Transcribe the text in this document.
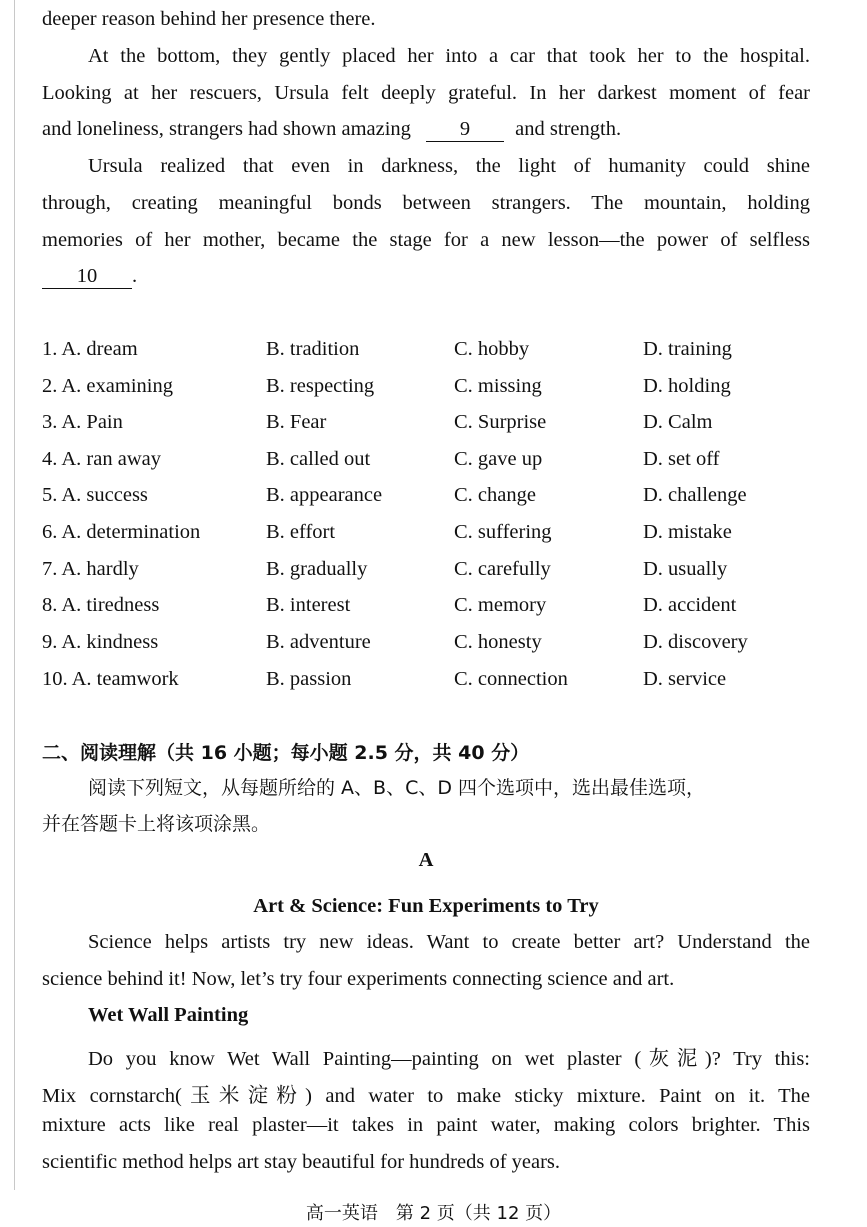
deeper reason behind her presence there.
At the bottom, they gently placed her into a car that took her to the hospital.
Looking at her rescuers, Ursula felt deeply grateful. In her darkest moment of fear
and loneliness, strangers had shown amazing 9 and strength.
Ursula realized that even in darkness, the light of humanity could shine
through, creating meaningful bonds between strangers. The mountain, holding
memories of her mother, became the stage for a new lesson—the power of selfless
10 .
1. A. dream	B. tradition	C. hobby	D. training
2. A. examining	B. respecting	C. missing	D. holding
3. A. Pain	B. Fear	C. Surprise	D. Calm
4. A. ran away	B. called out	C. gave up	D. set off
5. A. success	B. appearance	C. change	D. challenge
6. A. determination	B. effort	C. suffering	D. mistake
7. A. hardly	B. gradually	C. carefully	D. usually
8. A. tiredness	B. interest	C. memory	D. accident
9. A. kindness	B. adventure	C. honesty	D. discovery
10. A. teamwork	B. passion	C. connection	D. service
二、阅读理解（共 16 小题；每小题 2.5 分，共 40 分）
阅读下列短文，从每题所给的 A、B、C、D 四个选项中，选出最佳选项，
并在答题卡上将该项涂黑。
A
Art & Science: Fun Experiments to Try
Science helps artists try new ideas. Want to create better art? Understand the
science behind it! Now, let’s try four experiments connecting science and art.
Wet Wall Painting
Do you know Wet Wall Painting—painting on wet plaster (灰泥)? Try this:
Mix cornstarch(玉米淀粉) and water to make sticky mixture. Paint on it. The
mixture acts like real plaster—it takes in paint water, making colors brighter. This
scientific method helps art stay beautiful for hundreds of years.
高一英语　第 2 页（共 12 页）
